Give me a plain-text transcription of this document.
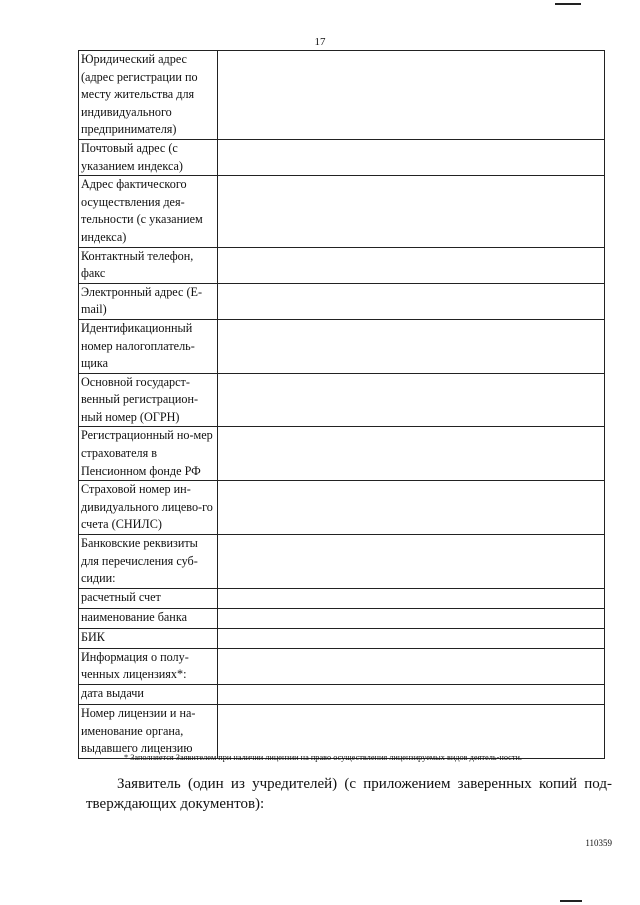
17
Юридический адрес (адрес регистрации по месту жительства для индивидуального предпринимателя)	
Почтовый адрес (с указанием индекса)	
Адрес фактического осуществления дея-тельности (с указанием индекса)	
Контактный телефон, факс	
Электронный адрес (E-mail)	
Идентификационный номер налогоплатель-щика	
Основной государст-венный регистрацион-ный номер (ОГРН)	
Регистрационный но-мер страхователя в Пенсионном фонде РФ	
Страховой номер ин-дивидуального лицево-го счета (СНИЛС)	
Банковские реквизиты для перечисления суб-сидии:	
расчетный счет	

наименование банка	
БИК	

Информация о полу-ченных лицензиях*:	
дата выдачи	
Номер лицензии и на-именование органа, выдавшего лицензию	
* Заполняется Заявителем при наличии лицензии на право осуществления лицензируемых видов деятель-ности.
Заявитель (один из учредителей) (с приложением заверенных копий под-тверждающих документов):
110359
